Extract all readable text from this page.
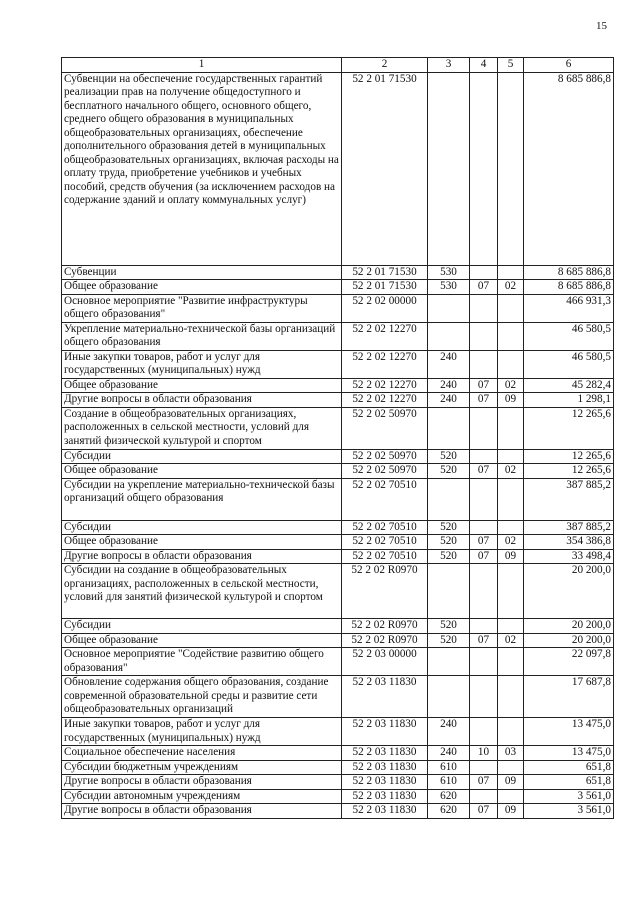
15
1	2	3	4	5	6
Субвенции на обеспечение государственных гарантий реализации прав на получение общедоступного и бесплатного начального общего, основного общего, среднего общего образования в муниципальных общеобразовательных организациях, обеспечение дополнительного образования детей в муниципальных общеобразовательных организациях, включая расходы на оплату труда, приобретение учебников и учебных пособий, средств обучения (за исключением расходов на содержание зданий и оплату коммунальных услуг)	52 2 01 71530				8 685 886,8
Субвенции	52 2 01 71530	530			8 685 886,8
Общее образование	52 2 01 71530	530	07	02	8 685 886,8
Основное мероприятие "Развитие инфраструктуры общего образования"	52 2 02 00000				466 931,3
Укрепление материально-технической базы организаций общего образования	52 2 02 12270				46 580,5
Иные закупки товаров, работ и услуг для государственных (муниципальных) нужд	52 2 02 12270	240			46 580,5
Общее образование	52 2 02 12270	240	07	02	45 282,4
Другие вопросы в области образования	52 2 02 12270	240	07	09	1 298,1
Создание в общеобразовательных организациях, расположенных в сельской местности, условий для занятий физической культурой и спортом	52 2 02 50970				12 265,6
Субсидии	52 2 02 50970	520			12 265,6
Общее образование	52 2 02 50970	520	07	02	12 265,6
Субсидии на укрепление материально-технической базы организаций общего образования	52 2 02 70510				387 885,2
Субсидии	52 2 02 70510	520			387 885,2
Общее образование	52 2 02 70510	520	07	02	354 386,8
Другие вопросы в области образования	52 2 02 70510	520	07	09	33 498,4
Субсидии на создание в общеобразовательных организациях, расположенных в сельской местности, условий для занятий физической культурой и спортом	52 2 02 R0970				20 200,0
Субсидии	52 2 02 R0970	520			20 200,0
Общее образование	52 2 02 R0970	520	07	02	20 200,0
Основное мероприятие "Содействие развитию общего образования"	52 2 03 00000				22 097,8
Обновление содержания общего образования, создание современной образовательной среды и развитие сети общеобразовательных организаций	52 2 03 11830				17 687,8
Иные закупки товаров, работ и услуг для государственных (муниципальных) нужд	52 2 03 11830	240			13 475,0
Социальное обеспечение населения	52 2 03 11830	240	10	03	13 475,0
Субсидии бюджетным учреждениям	52 2 03 11830	610			651,8
Другие вопросы в области образования	52 2 03 11830	610	07	09	651,8
Субсидии автономным учреждениям	52 2 03 11830	620			3 561,0
Другие вопросы в области образования	52 2 03 11830	620	07	09	3 561,0
